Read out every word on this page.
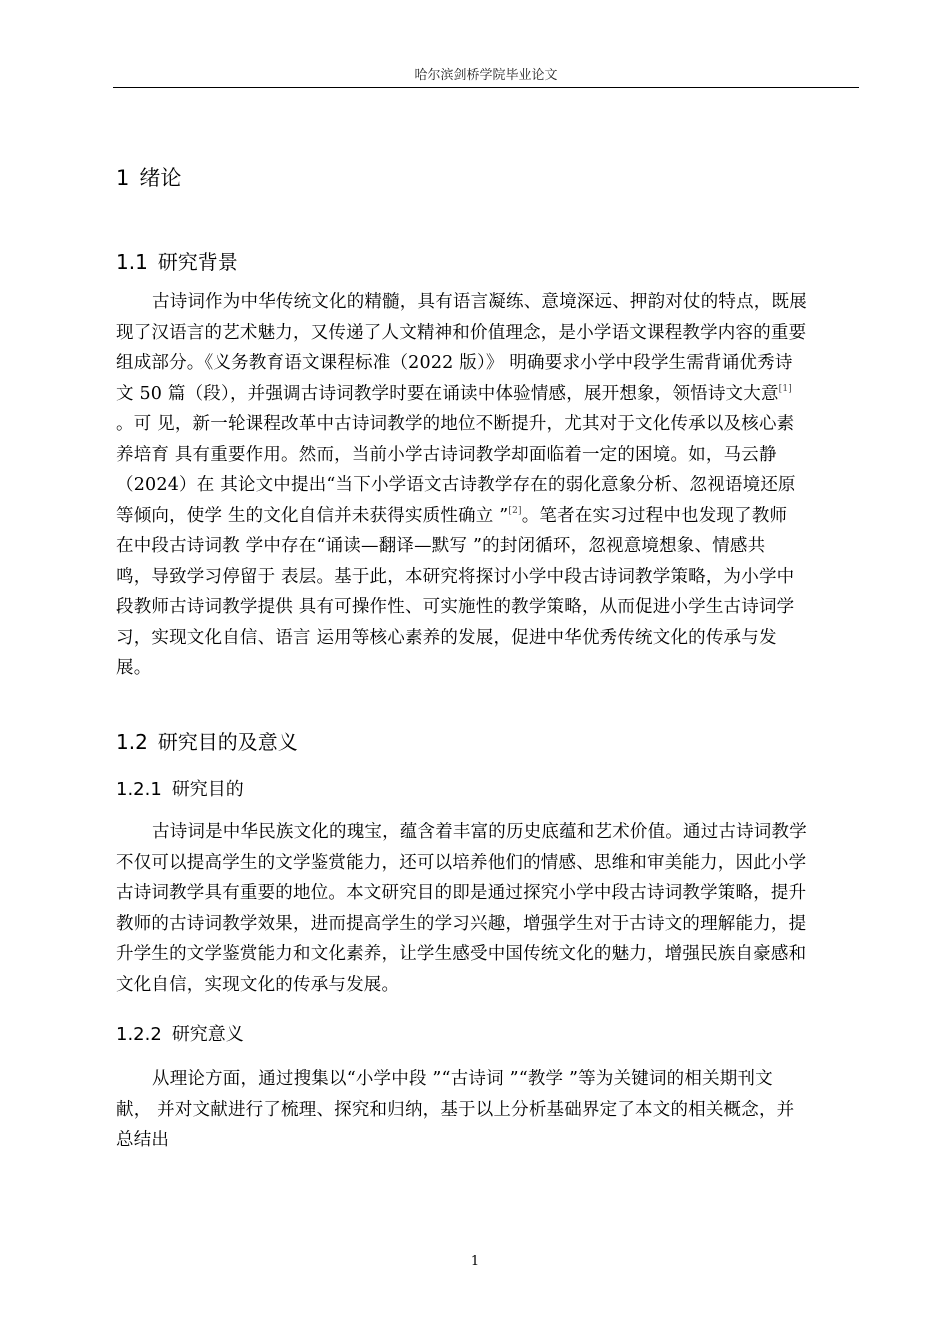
哈尔滨剑桥学院毕业论文
1 绪论
1.1 研究背景
古诗词作为中华传统文化的精髓，具有语言凝练、意境深远、押韵对仗的特点，既展
现了汉语言的艺术魅力，又传递了人文精神和价值理念，是小学语文课程教学内容的重要
组成部分。《义务教育语文课程标准（2022 版）》 明确要求小学中段学生需背诵优秀诗
文 50 篇（段），并强调古诗词教学时要在诵读中体验情感，展开想象，领悟诗文大意[1]
。可 见，新一轮课程改革中古诗词教学的地位不断提升，尤其对于文化传承以及核心素
养培育 具有重要作用。然而，当前小学古诗词教学却面临着一定的困境。如，马云静
（2024）在 其论文中提出“当下小学语文古诗教学存在的弱化意象分析、忽视语境还原
等倾向，使学 生的文化自信并未获得实质性确立 ”[2]。笔者在实习过程中也发现了教师
在中段古诗词教 学中存在“诵读—翻译—默写 ”的封闭循环，忽视意境想象、情感共
鸣，导致学习停留于 表层。基于此，本研究将探讨小学中段古诗词教学策略，为小学中
段教师古诗词教学提供 具有可操作性、可实施性的教学策略，从而促进小学生古诗词学
习，实现文化自信、语言 运用等核心素养的发展，促进中华优秀传统文化的传承与发
展。
1.2 研究目的及意义
1.2.1 研究目的
古诗词是中华民族文化的瑰宝，蕴含着丰富的历史底蕴和艺术价值。通过古诗词教学
不仅可以提高学生的文学鉴赏能力，还可以培养他们的情感、思维和审美能力，因此小学
古诗词教学具有重要的地位。本文研究目的即是通过探究小学中段古诗词教学策略，提升
教师的古诗词教学效果，进而提高学生的学习兴趣，增强学生对于古诗文的理解能力，提
升学生的文学鉴赏能力和文化素养，让学生感受中国传统文化的魅力，增强民族自豪感和
文化自信，实现文化的传承与发展。
1.2.2 研究意义
从理论方面，通过搜集以“小学中段 ”“古诗词 ”“教学 ”等为关键词的相关期刊文
献， 并对文献进行了梳理、探究和归纳，基于以上分析基础界定了本文的相关概念，并
总结出
1
